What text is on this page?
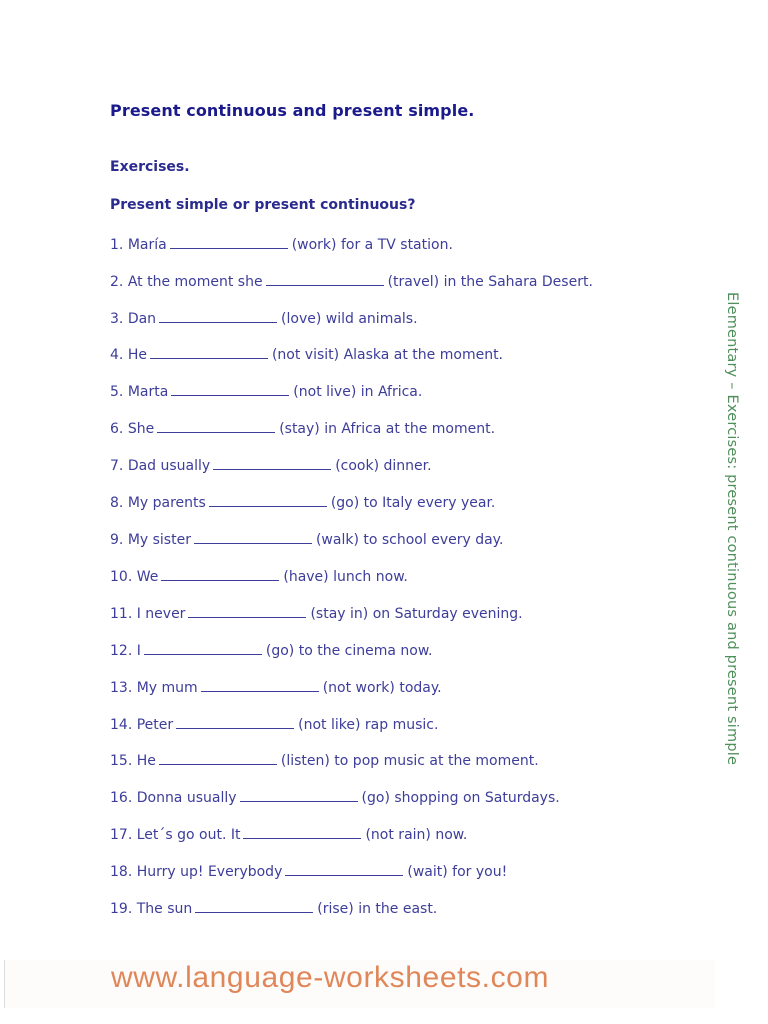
Present continuous and present simple.
Exercises.
Present simple or present continuous?
1. María	(work) for a TV station.
2. At the moment she	(travel) in the Sahara Desert.
3. Dan	(love) wild animals.
4. He	(not visit) Alaska at the moment.
5. Marta	(not live) in Africa.
6. She	(stay) in Africa at the moment.
7. Dad usually	(cook) dinner.
8. My parents	(go) to Italy every year.
9. My sister	(walk) to school every day.
10. We	(have) lunch now.
11. I never	(stay in) on Saturday evening.
12. I	(go) to the cinema now.
13. My mum	(not work) today.
14. Peter	(not like) rap music.
15. He	(listen) to pop music at the moment.
16. Donna usually	(go) shopping on Saturdays.
17. Let´s go out. It	(not rain) now.
18. Hurry up! Everybody	(wait) for you!
19. The sun	(rise) in the east.
Elementary – Exercises: present continuous and present simple
www.language-worksheets.com
